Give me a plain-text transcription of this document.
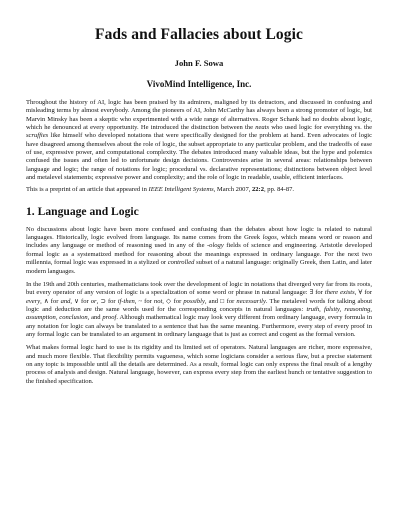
Fads and Fallacies about Logic
John F. Sowa
VivoMind Intelligence, Inc.

Throughout the history of AI, logic has been praised by its admirers, maligned by its detractors, and discussed in confusing and misleading terms by almost everybody. Among the pioneers of AI, John McCarthy has always been a strong promoter of logic, but Marvin Minsky has been a skeptic who experimented with a wide range of alternatives. Roger Schank had no doubts about logic, which he denounced at every opportunity. He introduced the distinction between the neats who used logic for everything vs. the scruffies like himself who developed notations that were specifically designed for the problem at hand. Even advocates of logic have disagreed among themselves about the role of logic, the subset appropriate to any particular problem, and the tradeoffs of ease of use, expressive power, and computational complexity. The debates introduced many valuable ideas, but the hype and polemics confused the issues and often led to unfortunate design decisions. Controversies arise in several areas: relationships between language and logic; the range of notations for logic; procedural vs. declarative representations; distinctions between object level and metalevel statements; expressive power and complexity; and the role of logic in readable, usable, efficient interfaces.

This is a preprint of an article that appeared in IEEE Intelligent Systems, March 2007, 22:2, pp. 84-87.

1. Language and Logic

No discussions about logic have been more confused and confusing than the debates about how logic is related to natural languages. Historically, logic evolved from language. Its name comes from the Greek logos, which means word or reason and includes any language or method of reasoning used in any of the -ology fields of science and engineering. Aristotle developed formal logic as a systematized method for reasoning about the meanings expressed in ordinary language. For the next two millennia, formal logic was expressed in a stylized or controlled subset of a natural language: originally Greek, then Latin, and later modern languages.

In the 19th and 20th centuries, mathematicians took over the development of logic in notations that diverged very far from its roots, but every operator of any version of logic is a specialization of some word or phrase in natural language: ∃ for there exists, ∀ for every, ∧ for and, ∨ for or, ⊃ for if-then, ~ for not, ◇ for possibly, and □ for necessarily. The metalevel words for talking about logic and deduction are the same words used for the corresponding concepts in natural languages: truth, falsity, reasoning, assumption, conclusion, and proof. Although mathematical logic may look very different from ordinary language, every formula in any notation for logic can always be translated to a sentence that has the same meaning. Furthermore, every step of every proof in any formal logic can be translated to an argument in ordinary language that is just as correct and cogent as the formal version.

What makes formal logic hard to use is its rigidity and its limited set of operators. Natural languages are richer, more expressive, and much more flexible. That flexibility permits vagueness, which some logicians consider a serious flaw, but a precise statement on any topic is impossible until all the details are determined. As a result, formal logic can only express the final result of a lengthy process of analysis and design. Natural language, however, can express every step from the earliest hunch or tentative suggestion to the finished specification.
